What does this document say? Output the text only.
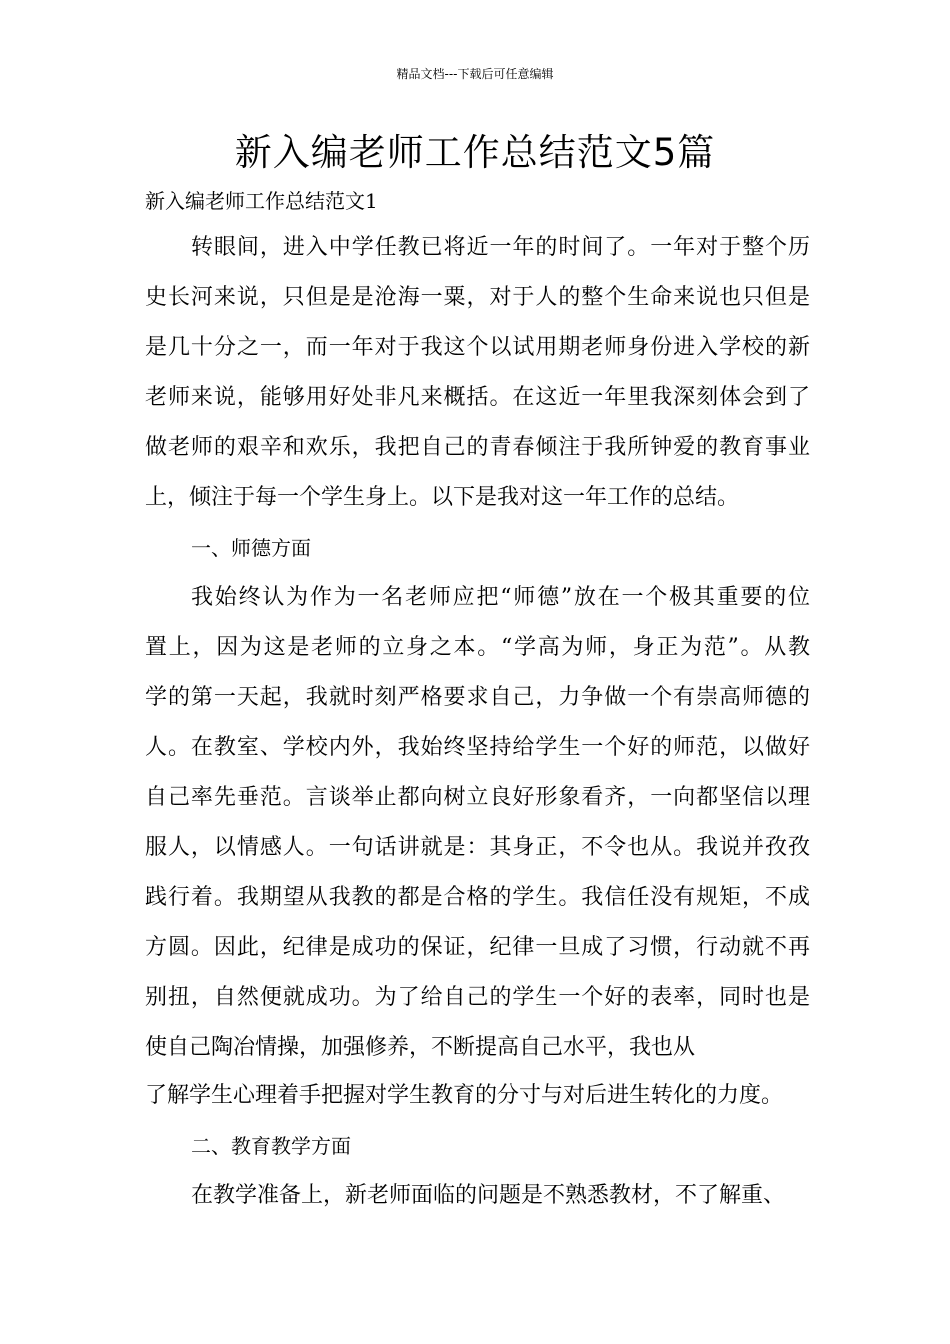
精品文档---下载后可任意编辑
新入编老师工作总结范文5篇
新入编老师工作总结范文1
转眼间，进入中学任教已将近一年的时间了。一年对于整个历
史长河来说，只但是是沧海一粟，对于人的整个生命来说也只但是
是几十分之一，而一年对于我这个以试用期老师身份进入学校的新
老师来说，能够用好处非凡来概括。在这近一年里我深刻体会到了
做老师的艰辛和欢乐，我把自己的青春倾注于我所钟爱的教育事业
上，倾注于每一个学生身上。以下是我对这一年工作的总结。
一、师德方面
我始终认为作为一名老师应把“师德”放在一个极其重要的位
置上，因为这是老师的立身之本。“学高为师，身正为范”。从教
学的第一天起，我就时刻严格要求自己，力争做一个有崇高师德的
人。在教室、学校内外，我始终坚持给学生一个好的师范，以做好
自己率先垂范。言谈举止都向树立良好形象看齐，一向都坚信以理
服人，以情感人。一句话讲就是：其身正，不令也从。我说并孜孜
践行着。我期望从我教的都是合格的学生。我信任没有规矩，不成
方圆。因此，纪律是成功的保证，纪律一旦成了习惯，行动就不再
别扭，自然便就成功。为了给自己的学生一个好的表率，同时也是
使自己陶冶情操，加强修养，不断提高自己水平，我也从
了解学生心理着手把握对学生教育的分寸与对后进生转化的力度。
二、教育教学方面
在教学准备上，新老师面临的问题是不熟悉教材，不了解重、
